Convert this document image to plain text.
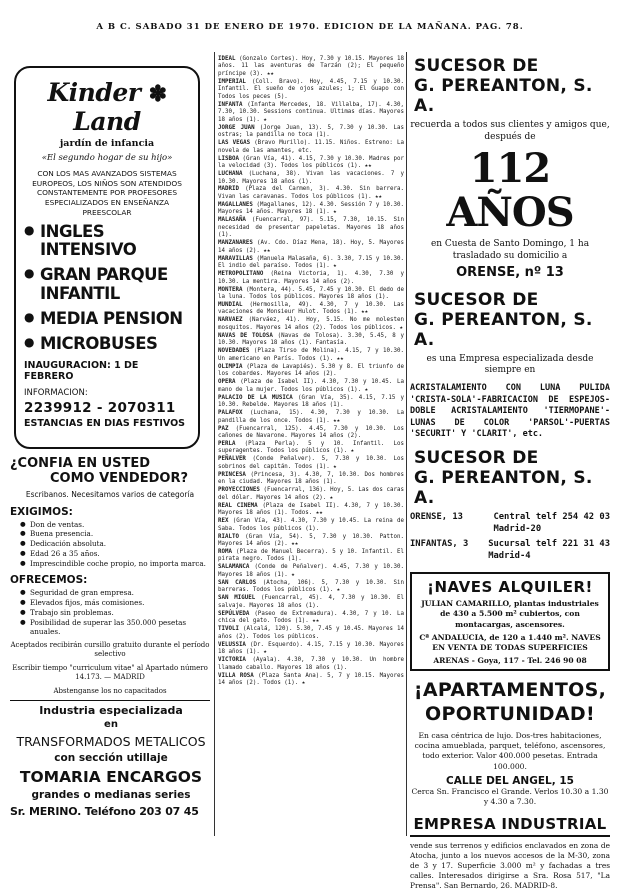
A B C. SABADO 31 DE ENERO DE 1970. EDICION DE LA MAÑANA. PAG. 78.
Kinder ✽ Land
jardín de infancia
«El segundo hogar de su hijo»
CON LOS MAS AVANZADOS SISTEMAS EUROPEOS, LOS NIÑOS SON ATENDIDOS CONSTANTEMENTE POR PROFESORES ESPECIALIZADOS EN ENSEÑANZA PREESCOLAR
● INGLES INTENSIVO
● GRAN PARQUE INFANTIL
● MEDIA PENSION
● MICROBUSES
INAUGURACION: 1 DE FEBRERO
INFORMACION:
2239912 - 2070311
ESTANCIAS EN DIAS FESTIVOS
¿CONFIA EN USTED
COMO VENDEDOR?
Escribanos. Necesitamos varios de categoría
EXIGIMOS:
● Don de ventas.
● Buena presencia.
● Dedicación absoluta.
● Edad 26 a 35 años.
● Imprescindible coche propio, no importa marca.
OFRECEMOS:
● Seguridad de gran empresa.
● Elevados fijos, más comisiones.
● Trabajo sin problemas.
● Posibilidad de superar las 350.000 pesetas anuales.
Aceptados recibirán cursillo gratuito durante el período selectivo
Escribir tiempo "curriculum vitae" al Apartado número 14.173. — MADRID
Abstenganse los no capacitados
Industria especializada
en
TRANSFORMADOS METALICOS
con sección utillaje
TOMARIA ENCARGOS
grandes o medianas series
Sr. MERINO. Teléfono 203 07 45

IDEAL (Gonzalo Cortes). Hoy, 7.30 y 10.15. Mayores 18 años. 11 las aventuras de Tarzán (2); El pequeño príncipe (3). ★★

IMPERIAL (Coll. Bravo). Hoy, 4.45, 7.15 y 10.30. Infantil. El sueño de ojos azules; 1; El Guapo con Todos los peces (5).

INFANTA (Infanta Mercedes, 18. Villalba, 17). 4.30, 7.30, 10.30. Sessions continua. Ultimas días. Mayores 18 años (1). ★

JORGE JUAN (Jorge Juan, 13). 5, 7.30 y 10.30. Las ostras; la pandilla no toca (1).

LAS VEGAS (Bravo Murillo). 11.15. Niños. Estreno: La novela de las amantes, etc.

LISBOA (Gran Vía, 41). 4.15, 7.30 y 10.30. Madres por la velocidad (3). Todos los públicos (1). ★★

LUCHANA (Luchana, 38). Vivan las vacaciones. 7 y 10.30. Mayores 18 años (1).

MADRID (Plaza del Carmen, 3). 4.30. Sin barrera. Vivan las caravanas. Todos los públicos (1). ★★

MAGALLANES (Magallanes, 12). 4.30. Sessión 7 y 10.30. Mayores 14 años. Mayores 18 (1). ★

MALASAÑA (Fuencarral, 97). 5.15, 7.30, 10.15. Sin necesidad de presentar papeletas. Mayores 18 años (1).

MANZANARES (Av. Cdo. Díaz Mena, 18). Hoy, 5. Mayores 14 años (2). ★★

MARAVILLAS (Manuela Malasaña, 6). 3.30, 7.15 y 10.30. El indio del paraíso. Todos (1). ★

METROPOLITANO (Reina Victoria, 1). 4.30, 7.30 y 10.30. La mentira. Mayores 14 años (2).

MONTERA (Montera, 44). 5.45, 7.45 y 10.30. El dedo de la luna. Todos los públicos. Mayores 18 años (1).

MUNDIAL (Hermosilla, 49). 4.30, 7 y 10.30. Las vacaciones de Monsieur Hulot. Todos (1). ★★

NARVAEZ (Narváez, 41). Hoy, 5.15. No me molesten mosquitos. Mayores 14 años (2). Todos los públicos. ★

NAVAS DE TOLOSA (Navas de Tolosa). 3.30, 5.45, 8 y 10.30. Mayores 18 años (1). Fantasía.

NOVEDADES (Plaza Tirso de Molina). 4.15, 7 y 10.30. Un americano en París. Todos (1). ★★

OLIMPIA (Plaza de Lavapiés). 5.30 y 8. El triunfo de los cobardes. Mayores 14 años (2).

OPERA (Plaza de Isabel II). 4.30, 7.30 y 10.45. La mano de la mujer. Todos los públicos (1). ★

PALACIO DE LA MUSICA (Gran Vía, 35). 4.15, 7.15 y 10.30. Rebelde. Mayores 18 años (1).

PALAFOX (Luchana, 15). 4.30, 7.30 y 10.30. La pandilla de los once. Todos (1). ★★

PAZ (Fuencarral, 125). 4.45, 7.30 y 10.30. Los cañones de Navarone. Mayores 14 años (2).

PERLA (Plaza Perla). 5 y 10. Infantil. Los superagentes. Todos los públicos (1). ★

PEÑALVER (Conde Peñalver). 5, 7.30 y 10.30. Los sobrinos del capitán. Todos (1). ★

PRINCESA (Princesa, 3). 4.30, 7, 10.30. Dos hombres en la ciudad. Mayores 18 años (1).

PROYECCIONES (Fuencarral, 136). Hoy, 5. Las dos caras del dólar. Mayores 14 años (2). ★

REAL CINEMA (Plaza de Isabel II). 4.30, 7 y 10.30. Mayores 18 años (1). Todos. ★★

REX (Gran Vía, 43). 4.30, 7.30 y 10.45. La reina de Saba. Todos los públicos (1).

RIALTO (Gran Vía, 54). 5, 7.30 y 10.30. Patton. Mayores 14 años (2). ★★

ROMA (Plaza de Manuel Becerra). 5 y 10. Infantil. El pirata negro. Todos (1).

SALAMANCA (Conde de Peñalver). 4.45, 7.30 y 10.30. Mayores 18 años (1). ★

SAN CARLOS (Atocha, 106). 5, 7.30 y 10.30. Sin barreras. Todos los públicos (1). ★

SAN MIGUEL (Fuencarral, 45). 4, 7.30 y 10.30. El salvaje. Mayores 18 años (1).

SEPÚLVEDA (Paseo de Extremadura). 4.30, 7 y 10. La chica del gato. Todos (1). ★★

TIVOLI (Alcalá, 120). 5.30, 7.45 y 10.45. Mayores 14 años (2). Todos los públicos.

VELUSSIA (Dr. Esquerdo). 4.15, 7.15 y 10.30. Mayores 18 años (1). ★

VICTORIA (Ayala). 4.30, 7.30 y 10.30. Un hombre llamado caballo. Mayores 18 años (1).

VILLA ROSA (Plaza Santa Ana). 5, 7 y 10.15. Mayores 14 años (2). Todos (1). ★

SUCESOR DE
G. PEREANTON, S. A.
recuerda a todos sus clientes y amigos que, después de
112 AÑOS
en Cuesta de Santo Domingo, 1 ha trasladado su domicilio a
ORENSE, nº 13
SUCESOR DE
G. PEREANTON, S. A.
es una Empresa especializada desde siempre en
ACRISTALAMIENTO CON LUNA PULIDA 'CRISTA-SOLA'-FABRICACION DE ESPEJOS-DOBLE ACRISTALAMIENTO 'TIERMOPANE'-LUNAS DE COLOR 'PARSOL'-PUERTAS 'SECURIT' Y 'CLARIT', etc.
SUCESOR DE
G. PEREANTON, S. A.
ORENSE, 13	Central telf 254 42 03
Madrid-20
INFANTAS, 3 Sucursal telf 221 31 43
Madrid-4
¡NAVES ALQUILER!
JULIAN CAMARILLO, plantas industriales de 430 a 5.500 m² cubiertos, con montacargas, ascensores.
Cª ANDALUCIA, de 120 a 1.440 m². NAVES EN VENTA DE TODAS SUPERFICIES
ARENAS - Goya, 117 - Tel. 246 90 08
¡APARTAMENTOS,
OPORTUNIDAD!
En casa céntrica de lujo. Dos-tres habitaciones, cocina amueblada, parquet, teléfono, ascensores, todo exterior. Valor 400.000 pesetas. Entrada 100.000.
CALLE DEL ANGEL, 15
Cerca Sn. Francisco el Grande. Verlos 10.30 a 1.30 y 4.30 a 7.30.
EMPRESA INDUSTRIAL
vende sus terrenos y edificios enclavados en zona de Atocha, junto a los nuevos accesos de la M-30, zona de 3 y 17. Superficie 3.000 m² y fachadas a tres calles. Interesados dirigirse a Sra. Rosa 517, "La Prensa". San Bernardo, 26. MADRID-8.
